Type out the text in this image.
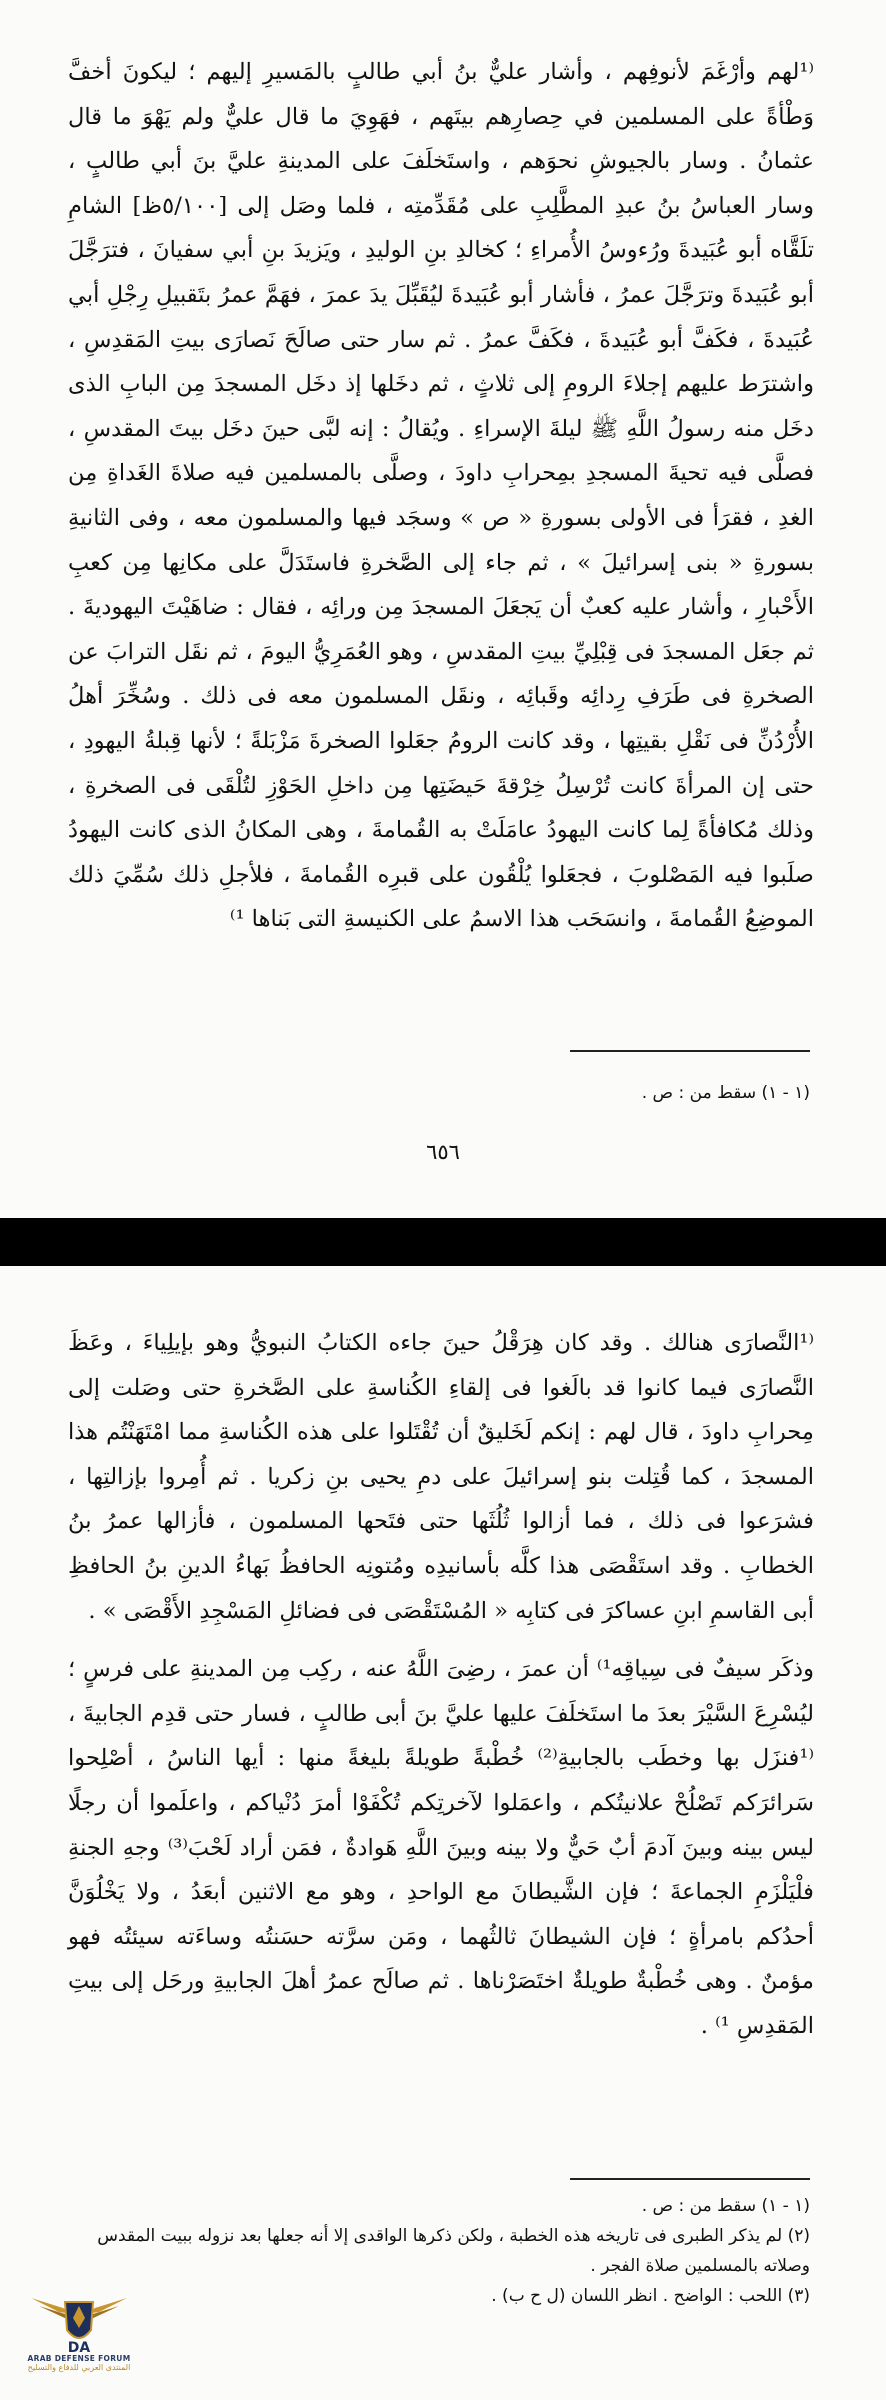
⁽¹لهم وأرْغَمَ لأنوفِهم ، وأشار عليٌّ بنُ أبي طالبٍ بالمَسيرِ إليهم ؛ ليكونَ أخفَّ وَطْأةً على المسلمين في حِصارِهم بيتَهم ، فهَوِيَ ما قال عليٌّ ولم يَهْوَ ما قال عثمانُ . وسار بالجيوشِ نحوَهم ، واستَخلَفَ على المدينةِ عليَّ بنَ أبي طالبٍ ، وسار العباسُ بنُ عبدِ المطَّلِبِ على مُقَدِّمتِه ، فلما وصَل إلى [٥/١٠٠ظ] الشامِ تلَقَّاه أبو عُبَيدةَ ورُءوسُ الأُمراءِ ؛ كخالدِ بنِ الوليدِ ، ويَزيدَ بنِ أبي سفيانَ ، فترَجَّلَ أبو عُبَيدةَ وترَجَّلَ عمرُ ، فأشار أبو عُبَيدةَ ليُقَبِّلَ يدَ عمرَ ، فهَمَّ عمرُ بتَقبيلِ رِجْلِ أبي عُبَيدةَ ، فكَفَّ أبو عُبَيدةَ ، فكَفَّ عمرُ . ثم سار حتى صالَحَ نَصارَى بيتِ المَقدِسِ ، واشترَط عليهم إجلاءَ الرومِ إلى ثلاثٍ ، ثم دخَلها إذ دخَل المسجدَ مِن البابِ الذى دخَل منه رسولُ اللَّهِ ﷺ ليلةَ الإسراءِ . ويُقالُ : إنه لبَّى حينَ دخَل بيتَ المقدسِ ، فصلَّى فيه تحيةَ المسجدِ بمِحرابِ داودَ ، وصلَّى بالمسلمين فيه صلاةَ الغَداةِ مِن الغدِ ، فقرَأ فى الأولى بسورةِ « ص » وسجَد فيها والمسلمون معه ، وفى الثانيةِ بسورةِ « بنى إسرائيلَ » ، ثم جاء إلى الصَّخرةِ فاستَدَلَّ على مكانِها مِن كعبِ الأَحْبارِ ، وأشار عليه كعبٌ أن يَجعَلَ المسجدَ مِن ورائِه ، فقال : ضاهَيْتَ اليهوديةَ . ثم جعَل المسجدَ فى قِبْلِيِّ بيتِ المقدسِ ، وهو العُمَرِيُّ اليومَ ، ثم نقَل الترابَ عن الصخرةِ فى طَرَفِ رِدائِه وقَبائِه ، ونقَل المسلمون معه فى ذلك . وسُخِّرَ أهلُ الأُرْدُنِّ فى نَقْلِ بقيتِها ، وقد كانت الرومُ جعَلوا الصخرةَ مَزْبَلةً ؛ لأنها قِبلةُ اليهودِ ، حتى إن المرأةَ كانت تُرْسِلُ خِرْقةَ حَيضَتِها مِن داخلِ الحَوْزِ لتُلْقَى فى الصخرةِ ، وذلك مُكافأةً لِما كانت اليهودُ عامَلَتْ به القُمامةَ ، وهى المكانُ الذى كانت اليهودُ صلَبوا فيه المَصْلوبَ ، فجعَلوا يُلْقُون على قبرِه القُمامةَ ، فلأجلِ ذلك سُمِّيَ ذلك الموضِعُ القُمامةَ ، وانسَحَب هذا الاسمُ على الكنيسةِ التى بَناها ¹⁾

(١ - ١) سقط من : ص .
٦٥٦

⁽¹النَّصارَى هنالك . وقد كان هِرَقْلُ حينَ جاءه الكتابُ النبويُّ وهو بإيلِياءَ ، وعَظَ النَّصارَى فيما كانوا قد بالَغوا فى إلقاءِ الكُناسةِ على الصَّخرةِ حتى وصَلت إلى مِحرابِ داودَ ، قال لهم : إنكم لَخَليقٌ أن تُقْتَلوا على هذه الكُناسةِ مما امْتَهَنْتُم هذا المسجدَ ، كما قُتِلت بنو إسرائيلَ على دمِ يحيى بنِ زكريا . ثم أُمِروا بإزالتِها ، فشرَعوا فى ذلك ، فما أزالوا ثُلُثَها حتى فتَحها المسلمون ، فأزالها عمرُ بنُ الخطابِ . وقد استَقْصَى هذا كلَّه بأسانيدِه ومُتونِه الحافظُ بَهاءُ الدينِ بنُ الحافظِ أبى القاسمِ ابنِ عساكرَ فى كتابِه « المُسْتَقْصَى فى فضائلِ المَسْجِدِ الأَقْصَى » .

وذكَر سيفٌ فى سِياقِه¹⁾ أن عمرَ ، رضِىَ اللَّهُ عنه ، ركِب مِن المدينةِ على فرسٍ ؛ ليُسْرِعَ السَّيْرَ بعدَ ما استَخلَفَ عليها عليَّ بنَ أبى طالبٍ ، فسار حتى قدِم الجابيةَ ، ⁽¹فنزَل بها وخطَب بالجابيةِ⁽²⁾ خُطْبةً طويلةً بليغةً منها : أيها الناسُ ، أصْلِحوا سَرائرَكم تَصْلُحْ علانيتُكم ، واعمَلوا لآخرتِكم تُكْفَوْا أمرَ دُنْياكم ، واعلَموا أن رجلًا ليس بينه وبينَ آدمَ أبٌ حَيٌّ ولا بينه وبينَ اللَّهِ هَوادةٌ ، فمَن أراد لَحْبَ⁽³⁾ وجهِ الجنةِ فلْيَلْزَمِ الجماعةَ ؛ فإن الشَّيطانَ مع الواحدِ ، وهو مع الاثنين أبعَدُ ، ولا يَخْلُوَنَّ أحدُكم بامرأةٍ ؛ فإن الشيطانَ ثالثُهما ، ومَن سرَّته حسَنتُه وساءَته سيئتُه فهو مؤمنٌ . وهى خُطْبةٌ طويلةٌ اختَصَرْناها . ثم صالَح عمرُ أهلَ الجابيةِ ورحَل إلى بيتِ المَقدِسِ ¹⁾ .

(١ - ١) سقط من : ص .
(٢) لم يذكر الطبرى فى تاريخه هذه الخطبة ، ولكن ذكرها الواقدى إلا أنه جعلها بعد نزوله ببيت المقدس وصلاته بالمسلمين صلاة الفجر .
(٣) اللحب : الواضح . انظر اللسان (ل ح ب) .
DA
ARAB DEFENSE FORUM
المنتدى العربي للدفاع والتسليح
